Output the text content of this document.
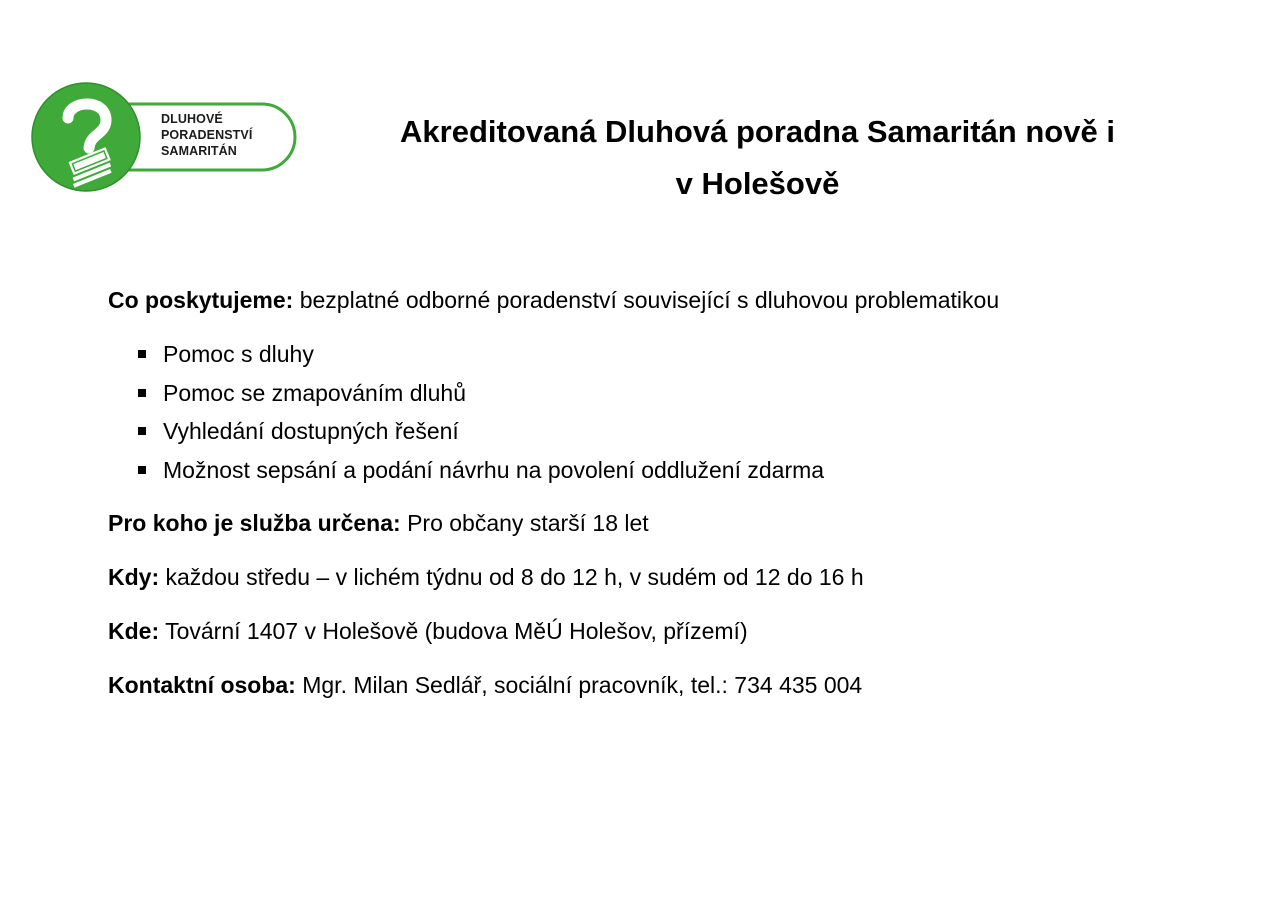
DLUHOVÉ
PORADENSTVÍ
SAMARITÁN
Akreditovaná Dluhová poradna Samaritán nově i
v Holešově
Co poskytujeme: bezplatné odborné poradenství související s dluhovou problematikou
Pomoc s dluhy
Pomoc se zmapováním dluhů
Vyhledání dostupných řešení
Možnost sepsání a podání návrhu na povolení oddlužení zdarma
Pro koho je služba určena: Pro občany starší 18 let
Kdy: každou středu – v lichém týdnu od 8 do 12 h, v sudém od 12 do 16 h
Kde: Tovární 1407 v Holešově (budova MěÚ Holešov, přízemí)
Kontaktní osoba: Mgr. Milan Sedlář, sociální pracovník, tel.: 734 435 004
